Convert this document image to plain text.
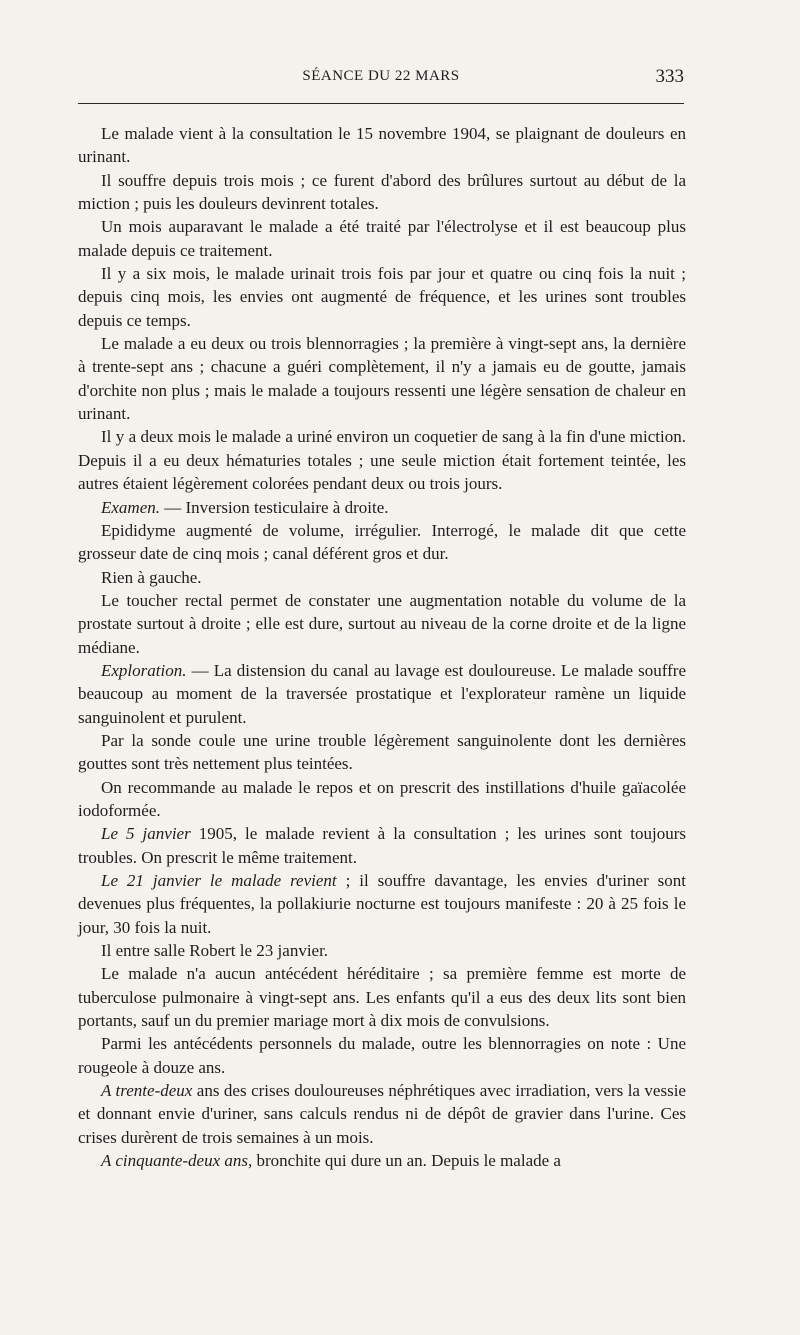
SÉANCE DU 22 MARS	333

Le malade vient à la consultation le 15 novembre 1904, se plaignant de douleurs en urinant.

Il souffre depuis trois mois ; ce furent d'abord des brûlures surtout au début de la miction ; puis les douleurs devinrent totales.

Un mois auparavant le malade a été traité par l'électrolyse et il est beaucoup plus malade depuis ce traitement.

Il y a six mois, le malade urinait trois fois par jour et quatre ou cinq fois la nuit ; depuis cinq mois, les envies ont augmenté de fréquence, et les urines sont troubles depuis ce temps.

Le malade a eu deux ou trois blennorragies ; la première à vingt-sept ans, la dernière à trente-sept ans ; chacune a guéri complètement, il n'y a jamais eu de goutte, jamais d'orchite non plus ; mais le malade a toujours ressenti une légère sensation de chaleur en urinant.

Il y a deux mois le malade a uriné environ un coquetier de sang à la fin d'une miction. Depuis il a eu deux hématuries totales ; une seule miction était fortement teintée, les autres étaient légèrement colorées pendant deux ou trois jours.

Examen. — Inversion testiculaire à droite.

Epididyme augmenté de volume, irrégulier. Interrogé, le malade dit que cette grosseur date de cinq mois ; canal déférent gros et dur.

Rien à gauche.

Le toucher rectal permet de constater une augmentation notable du volume de la prostate surtout à droite ; elle est dure, surtout au niveau de la corne droite et de la ligne médiane.

Exploration. — La distension du canal au lavage est douloureuse. Le malade souffre beaucoup au moment de la traversée prostatique et l'explorateur ramène un liquide sanguinolent et purulent.

Par la sonde coule une urine trouble légèrement sanguinolente dont les dernières gouttes sont très nettement plus teintées.

On recommande au malade le repos et on prescrit des instillations d'huile gaïacolée iodoformée.

Le 5 janvier 1905, le malade revient à la consultation ; les urines sont toujours troubles. On prescrit le même traitement.

Le 21 janvier le malade revient ; il souffre davantage, les envies d'uriner sont devenues plus fréquentes, la pollakiurie nocturne est toujours manifeste : 20 à 25 fois le jour, 30 fois la nuit.

Il entre salle Robert le 23 janvier.

Le malade n'a aucun antécédent héréditaire ; sa première femme est morte de tuberculose pulmonaire à vingt-sept ans. Les enfants qu'il a eus des deux lits sont bien portants, sauf un du premier mariage mort à dix mois de convulsions.

Parmi les antécédents personnels du malade, outre les blennorragies on note : Une rougeole à douze ans.

A trente-deux ans des crises douloureuses néphrétiques avec irradiation, vers la vessie et donnant envie d'uriner, sans calculs rendus ni de dépôt de gravier dans l'urine. Ces crises durèrent de trois semaines à un mois.

A cinquante-deux ans, bronchite qui dure un an. Depuis le malade a
